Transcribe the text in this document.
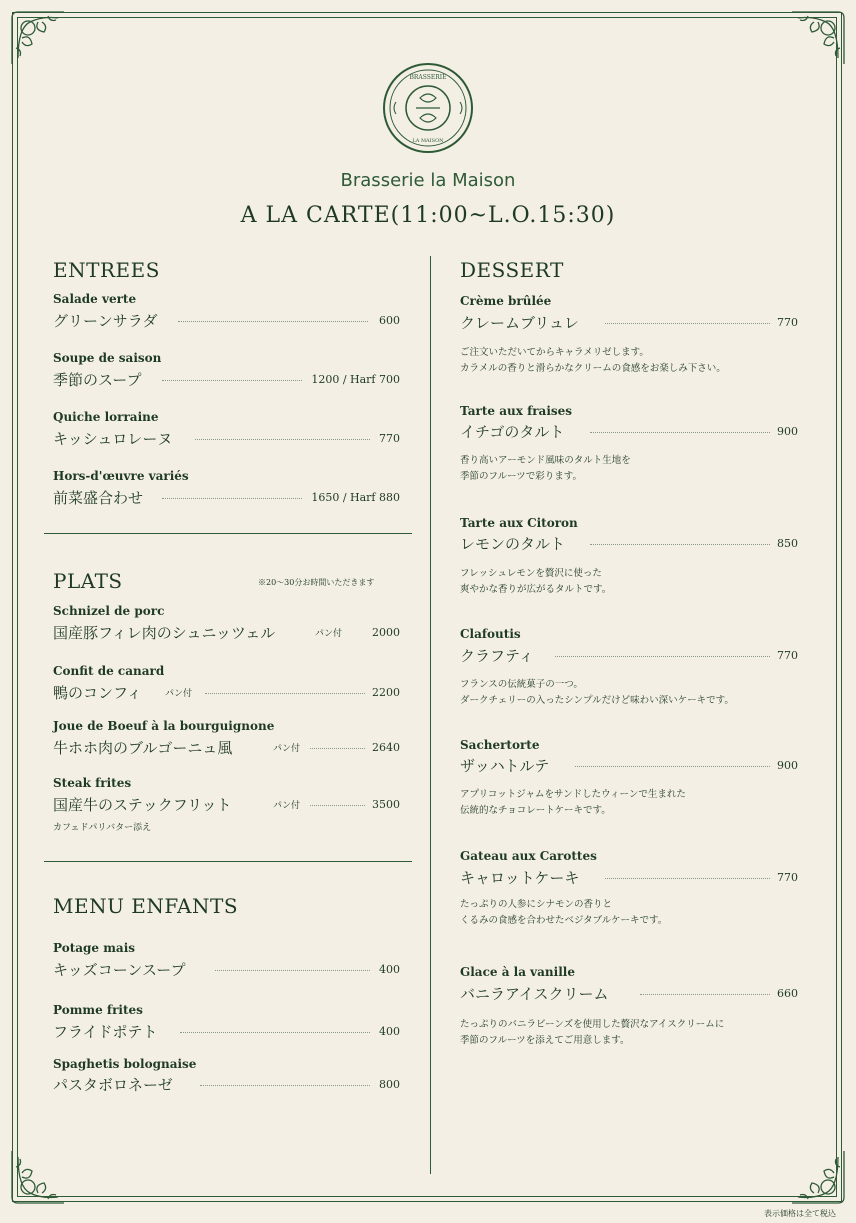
BRASSERIE
LA MAISON
Brasserie la Maison
A LA CARTE(11:00~L.O.15:30)
ENTREES
Salade verte
グリーンサラダ	600
Soupe de saison
季節のスープ	1200 / Harf 700
Quiche lorraine
キッシュロレーヌ	770
Hors-d'œuvre variés
前菜盛合わせ	1650 / Harf 880
PLATS	※20～30分お時間いただきます
Schnizel de porc
国産豚フィレ肉のシュニッツェル	パン付	2000
Confit de canard
鴨のコンフィ	パン付	2200
Joue de Boeuf à la bourguignone
牛ホホ肉のブルゴーニュ風	パン付	2640
Steak frites
国産牛のステックフリット	パン付	3500
カフェドパリバター添え
MENU ENFANTS
Potage mais
キッズコーンスープ	400
Pomme frites
フライドポテト	400
Spaghetis bolognaise
パスタボロネーゼ	800
DESSERT
Crème brûlée
クレームブリュレ	770
ご注文いただいてからキャラメリゼします。
カラメルの香りと滑らかなクリームの食感をお楽しみ下さい。
Tarte aux fraises
イチゴのタルト	900
香り高いアーモンド風味のタルト生地を
季節のフルーツで彩ります。
Tarte aux Citoron
レモンのタルト	850
フレッシュレモンを贅沢に使った
爽やかな香りが広がるタルトです。
Clafoutis
クラフティ	770
フランスの伝統菓子の一つ。
ダークチェリーの入ったシンプルだけど味わい深いケーキです。
Sachertorte
ザッハトルテ	900
アプリコットジャムをサンドしたウィーンで生まれた
伝統的なチョコレートケーキです。
Gateau aux Carottes
キャロットケーキ	770
たっぷりの人参にシナモンの香りと
くるみの食感を合わせたベジタブルケーキです。
Glace à la vanille
バニラアイスクリーム	660
たっぷりのバニラビーンズを使用した贅沢なアイスクリームに
季節のフルーツを添えてご用意します。
表示価格は全て税込
